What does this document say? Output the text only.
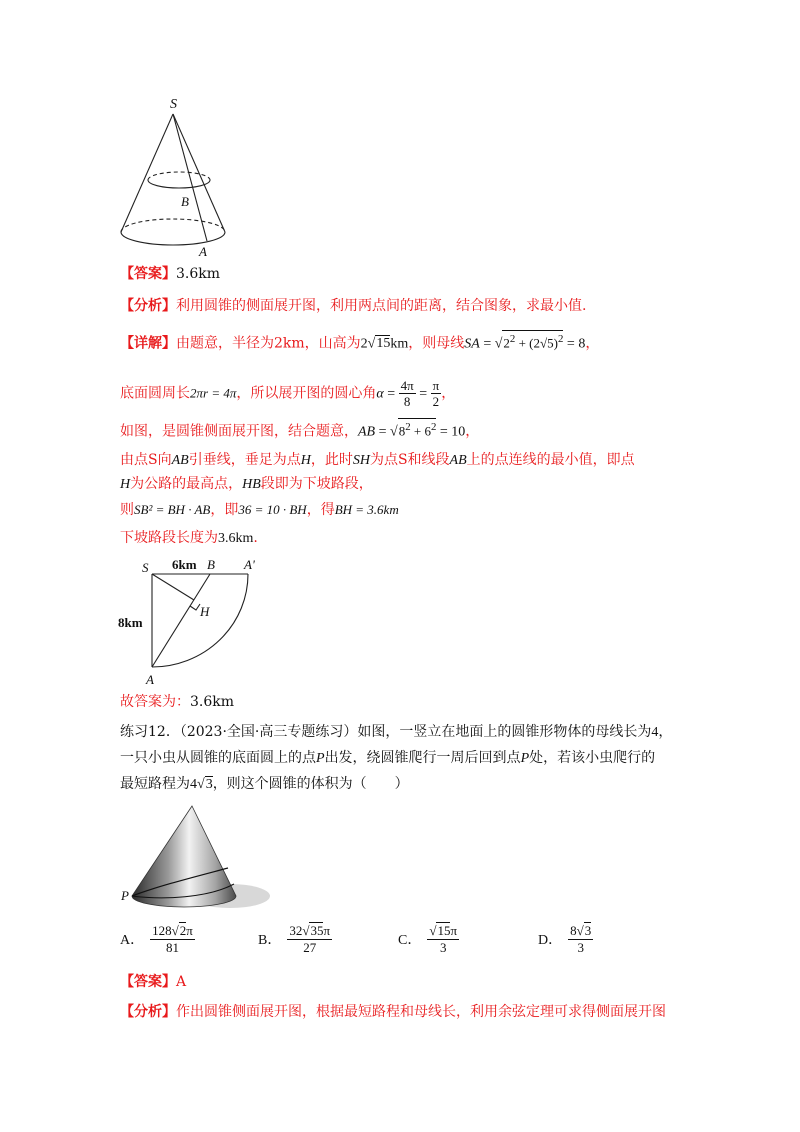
S
B
A
【答案】3.6km
【分析】利用圆锥的侧面展开图，利用两点间的距离，结合图象，求最小值.
【详解】由题意，半径为2km，山高为2√15km，则母线SA = $√2^2 + (2√5)^2 = 8$，
底面圆周长2πr = 4π，所以展开图的圆心角$\alpha = \frac{4\pi}{8} = \frac{\pi}{2}$ ，
如图，是圆锥侧面展开图，结合题意，AB = $√8^2 + 6^2 = 10$，
由点S向AB引垂线，垂足为点H，此时SH为点S和线段AB上的点连线的最小值，即点
H为公路的最高点，HB段即为下坡路段，
则SB² = BH · AB，即36 = 10 · BH，得BH = 3.6km
下坡路段长度为3.6km.
S 6km B A'
H
8km
A
故答案为：3.6km
练习12．（2023·全国·高三专题练习）如图，一竖立在地面上的圆锥形物体的母线长为4，
一只小虫从圆锥的底面圆上的点P出发，绕圆锥爬行一周后回到点P处，若该小虫爬行的
最短路程为4√3，则这个圆锥的体积为（　　）
P
A． $\frac{128√2\pi}{81}$	B． $\frac{32√35\pi}{27}$	C． $\frac{√15\pi}{3}$	D． $\frac{8√3}{3}$
【答案】A
【分析】作出圆锥侧面展开图，根据最短路程和母线长，利用余弦定理可求得侧面展开图
